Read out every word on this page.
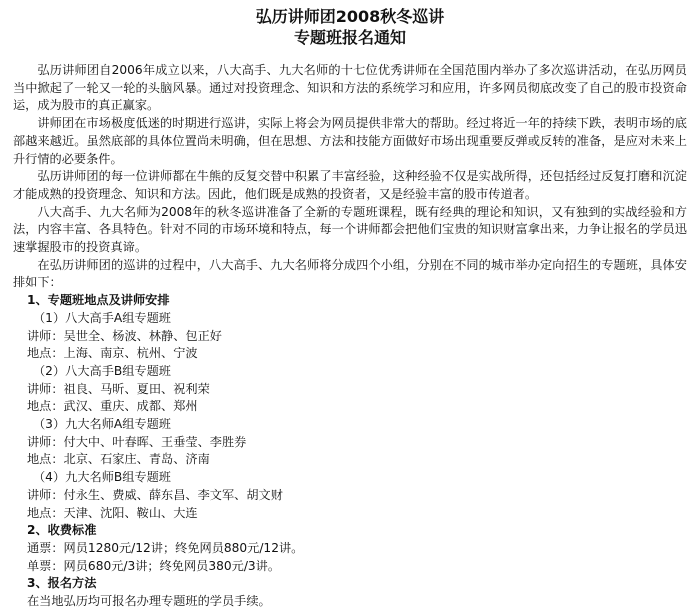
弘历讲师团2008秋冬巡讲

专题班报名通知

弘历讲师团自2006年成立以来，八大高手、九大名师的十七位优秀讲师在全国范围内举办了多次巡讲活动，在弘历网员当中掀起了一轮又一轮的头脑风暴。通过对投资理念、知识和方法的系统学习和应用，许多网员彻底改变了自己的股市投资命运，成为股市的真正赢家。

讲师团在市场极度低迷的时期进行巡讲，实际上将会为网员提供非常大的帮助。经过将近一年的持续下跌，表明市场的底部越来越近。虽然底部的具体位置尚未明确，但在思想、方法和技能方面做好市场出现重要反弹或反转的准备，是应对未来上升行情的必要条件。

弘历讲师团的每一位讲师都在牛熊的反复交替中积累了丰富经验，这种经验不仅是实战所得，还包括经过反复打磨和沉淀才能成熟的投资理念、知识和方法。因此，他们既是成熟的投资者，又是经验丰富的股市传道者。

八大高手、九大名师为2008年的秋冬巡讲准备了全新的专题班课程，既有经典的理论和知识，又有独到的实战经验和方法，内容丰富、各具特色。针对不同的市场环境和特点，每一个讲师都会把他们宝贵的知识财富拿出来，力争让报名的学员迅速掌握股市的投资真谛。

在弘历讲师团的巡讲的过程中，八大高手、九大名师将分成四个小组，分别在不同的城市举办定向招生的专题班，具体安排如下：

1、专题班地点及讲师安排

（1）八大高手A组专题班

讲师：吴世全、杨波、林静、包正好

地点：上海、南京、杭州、宁波

（2）八大高手B组专题班

讲师：祖良、马昕、夏田、祝利荣

地点：武汉、重庆、成都、郑州

（3）九大名师A组专题班

讲师：付大中、叶春晖、王垂莹、李胜券

地点：北京、石家庄、青岛、济南

（4）九大名师B组专题班

讲师：付永生、费威、薛东昌、李文军、胡文财

地点：天津、沈阳、鞍山、大连

2、收费标准

通票：网员1280元/12讲；终免网员880元/12讲。

单票：网员680元/3讲；终免网员380元/3讲。

3、报名方法

在当地弘历均可报名办理专题班的学员手续。
